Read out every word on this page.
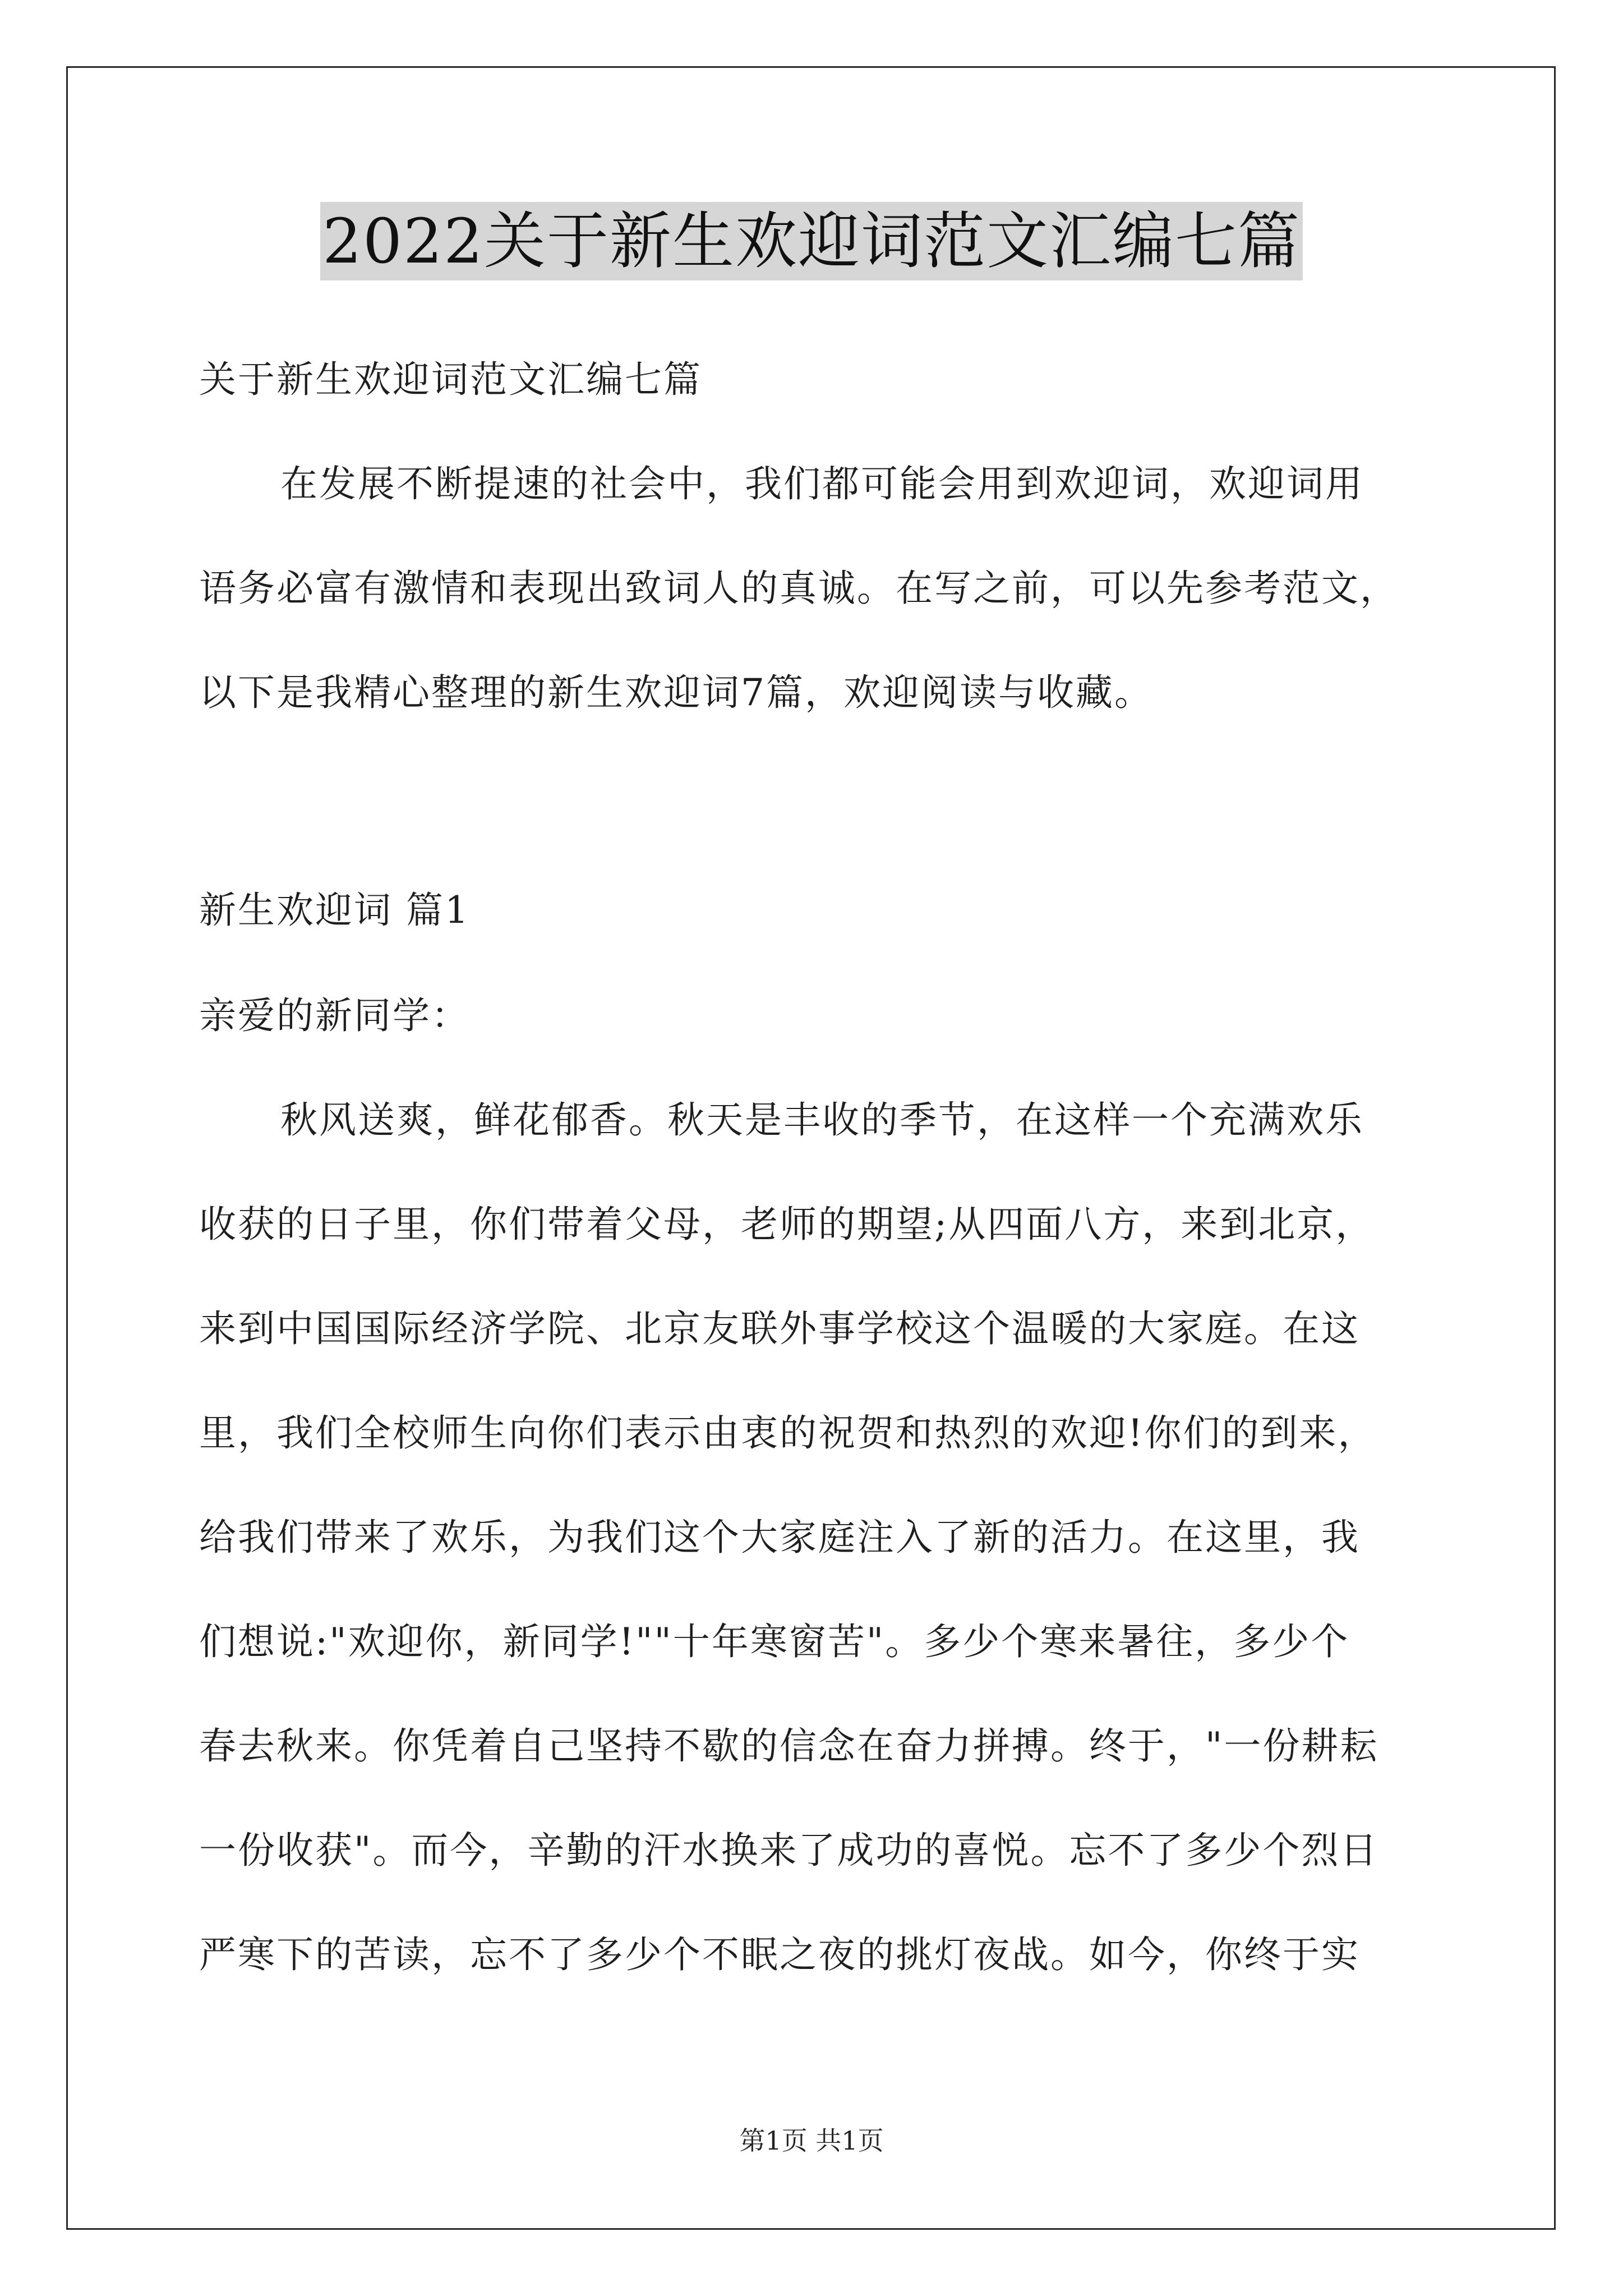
2022关于新生欢迎词范文汇编七篇
关于新生欢迎词范文汇编七篇
在发展不断提速的社会中，我们都可能会用到欢迎词，欢迎词用
语务必富有激情和表现出致词人的真诚。在写之前，可以先参考范文，
以下是我精心整理的新生欢迎词7篇，欢迎阅读与收藏。
新生欢迎词 篇1
亲爱的新同学：
秋风送爽，鲜花郁香。秋天是丰收的季节，在这样一个充满欢乐
收获的日子里，你们带着父母，老师的期望;从四面八方，来到北京，
来到中国国际经济学院、北京友联外事学校这个温暖的大家庭。在这
里，我们全校师生向你们表示由衷的祝贺和热烈的欢迎!你们的到来，
给我们带来了欢乐，为我们这个大家庭注入了新的活力。在这里，我
们想说:"欢迎你，新同学!""十年寒窗苦"。多少个寒来暑往，多少个
春去秋来。你凭着自己坚持不歇的信念在奋力拼搏。终于，"一份耕耘
一份收获"。而今，辛勤的汗水换来了成功的喜悦。忘不了多少个烈日
严寒下的苦读，忘不了多少个不眠之夜的挑灯夜战。如今，你终于实
第1页 共1页
